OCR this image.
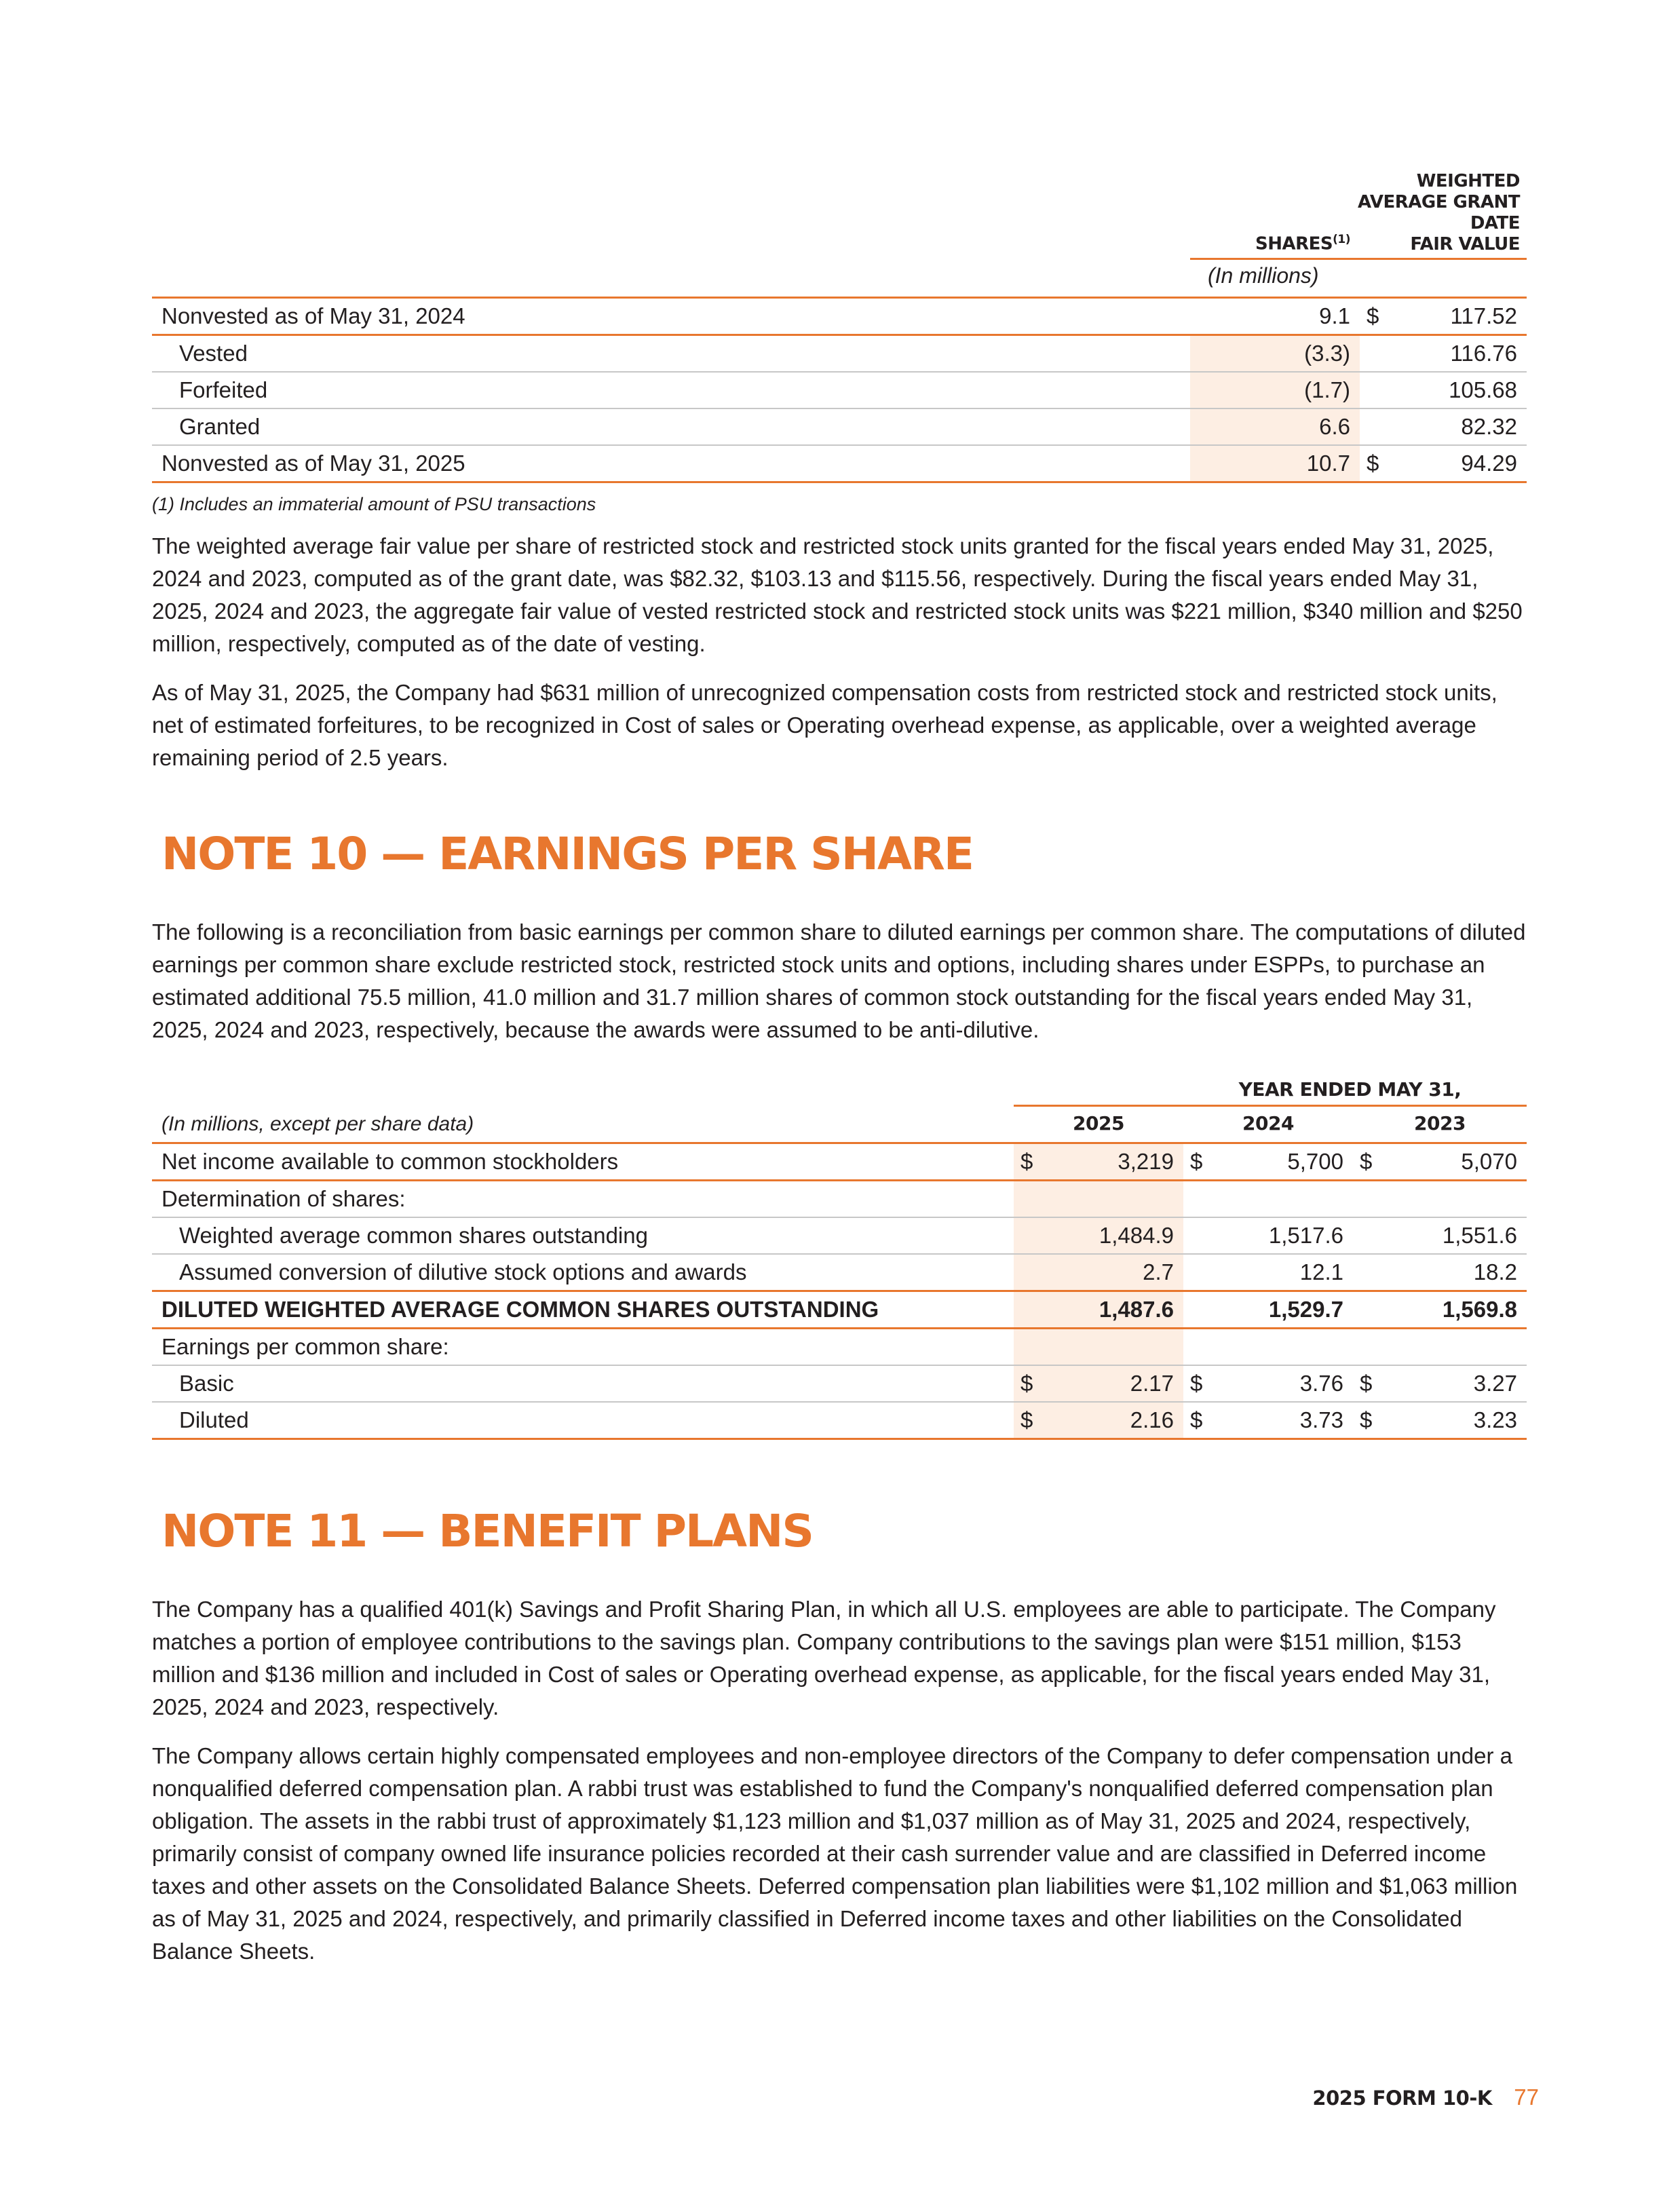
WEIGHTED
AVERAGE GRANT
DATE
FAIR VALUE
SHARES$^{(1)}$
(In millions)
Nonvested as of May 31, 2024	9.1	$	117.52
Vested	(3.3)		116.76
Forfeited	(1.7)		105.68
Granted	6.6		82.32
Nonvested as of May 31, 2025	10.7	$	94.29
(1) Includes an immaterial amount of PSU transactions

The weighted average fair value per share of restricted stock and restricted stock units granted for the fiscal years ended May 31, 2025, 2024 and 2023, computed as of the grant date, was $82.32, $103.13 and $115.56, respectively. During the fiscal years ended May 31, 2025, 2024 and 2023, the aggregate fair value of vested restricted stock and restricted stock units was $221 million, $340 million and $250 million, respectively, computed as of the date of vesting.

As of May 31, 2025, the Company had $631 million of unrecognized compensation costs from restricted stock and restricted stock units, net of estimated forfeitures, to be recognized in Cost of sales or Operating overhead expense, as applicable, over a weighted average remaining period of 2.5 years.

NOTE 10 — EARNINGS PER SHARE

The following is a reconciliation from basic earnings per common share to diluted earnings per common share. The computations of diluted earnings per common share exclude restricted stock, restricted stock units and options, including shares under ESPPs, to purchase an estimated additional 75.5 million, 41.0 million and 31.7 million shares of common stock outstanding for the fiscal years ended May 31, 2025, 2024 and 2023, respectively, because the awards were assumed to be anti-dilutive.

YEAR ENDED MAY 31,
(In millions, except per share data)	2025	2024	2023
Net income available to common stockholders	$	3,219	$	5,700	$	5,070
Determination of shares:						
Weighted average common shares outstanding		1,484.9		1,517.6		1,551.6
Assumed conversion of dilutive stock options and awards		2.7		12.1		18.2
DILUTED WEIGHTED AVERAGE COMMON SHARES OUTSTANDING		1,487.6		1,529.7		1,569.8
Earnings per common share:						
Basic	$	2.17	$	3.76	$	3.27
Diluted	$	2.16	$	3.73	$	3.23
NOTE 11 — BENEFIT PLANS

The Company has a qualified 401(k) Savings and Profit Sharing Plan, in which all U.S. employees are able to participate. The Company matches a portion of employee contributions to the savings plan. Company contributions to the savings plan were $151 million, $153 million and $136 million and included in Cost of sales or Operating overhead expense, as applicable, for the fiscal years ended May 31, 2025, 2024 and 2023, respectively.

The Company allows certain highly compensated employees and non-employee directors of the Company to defer compensation under a nonqualified deferred compensation plan. A rabbi trust was established to fund the Company's nonqualified deferred compensation plan obligation. The assets in the rabbi trust of approximately $1,123 million and $1,037 million as of May 31, 2025 and 2024, respectively, primarily consist of company owned life insurance policies recorded at their cash surrender value and are classified in Deferred income taxes and other assets on the Consolidated Balance Sheets. Deferred compensation plan liabilities were $1,102 million and $1,063 million as of May 31, 2025 and 2024, respectively, and primarily classified in Deferred income taxes and other liabilities on the Consolidated Balance Sheets.

2025 FORM 10-K 77
